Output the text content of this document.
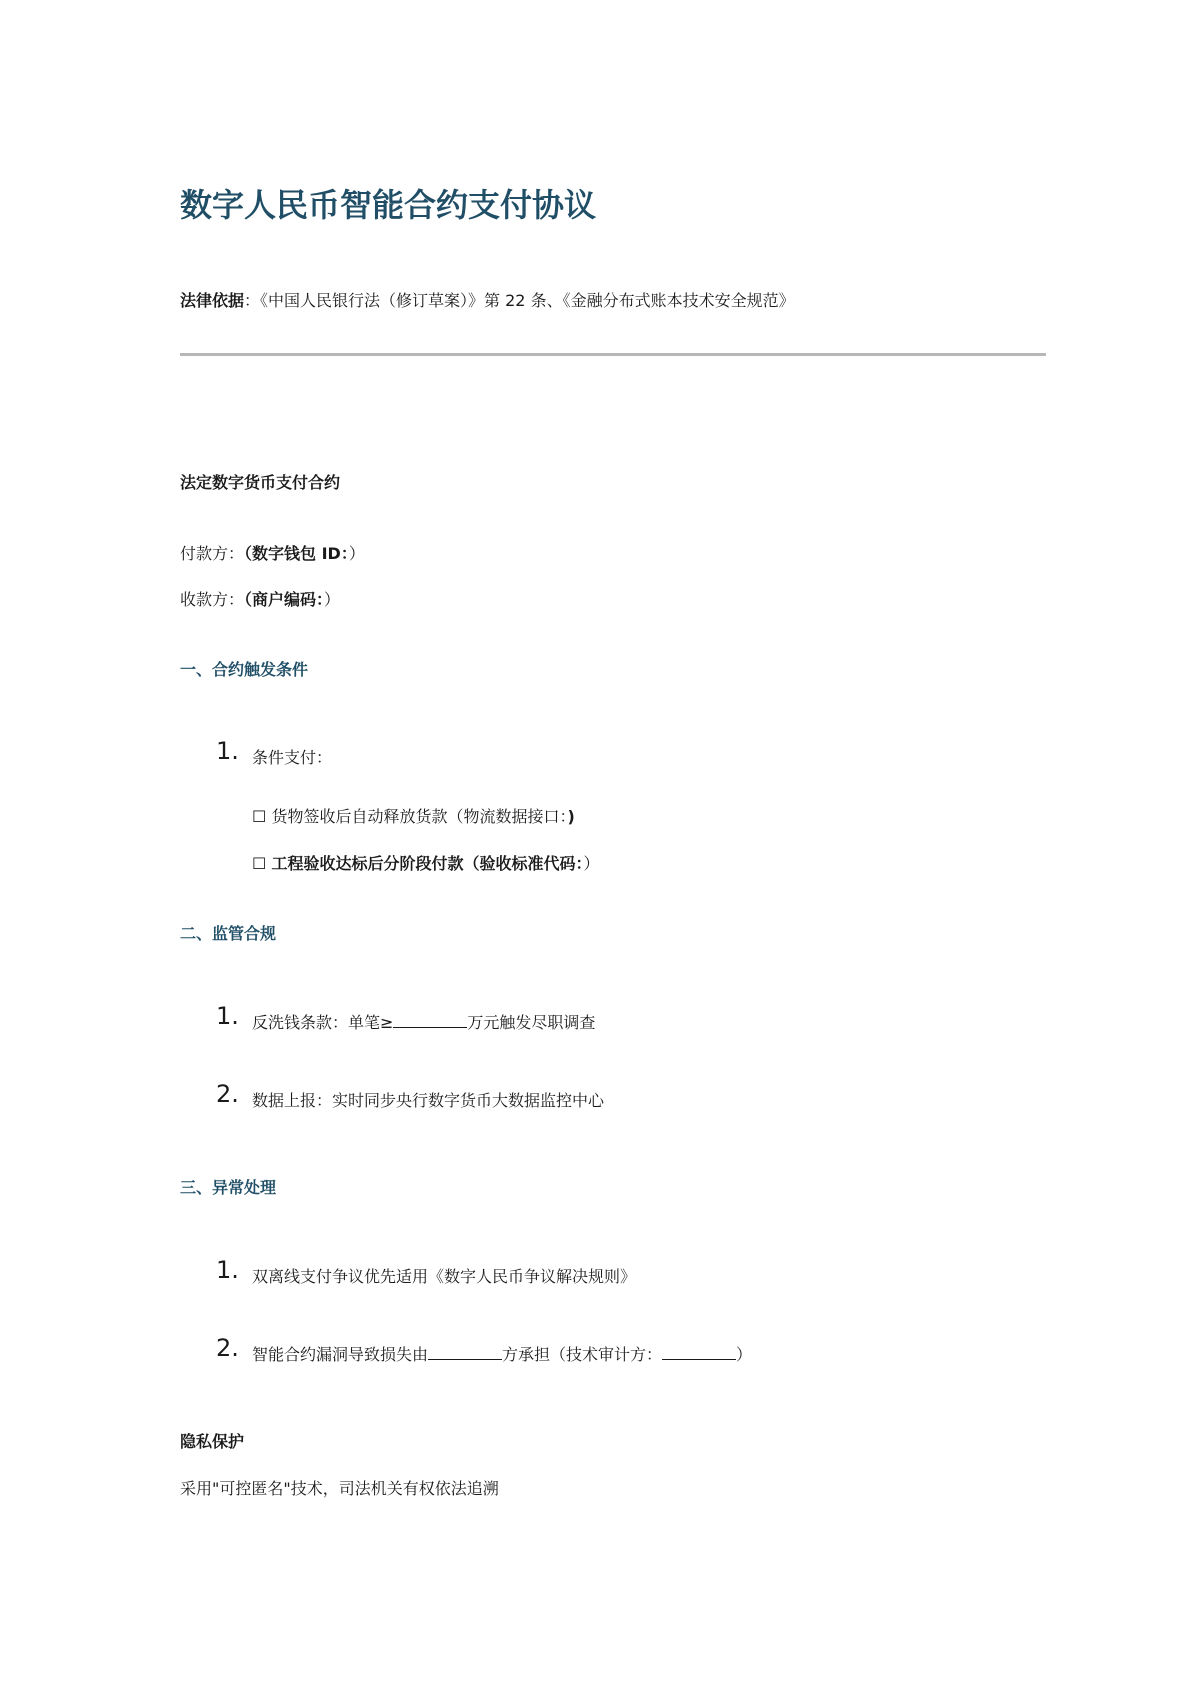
数字人民币智能合约支付协议
法律依据：《中国人民银行法（修订草案）》第 22 条、《金融分布式账本技术安全规范》
法定数字货币支付合约
付款方：（数字钱包 ID：）
收款方：（商户编码：）
一、合约触发条件
1. 条件支付：
☐ 货物签收后自动释放货款（物流数据接口：)
☐ 工程验收达标后分阶段付款（验收标准代码：）
二、监管合规
1. 反洗钱条款：单笔≥	万元触发尽职调查
2. 数据上报：实时同步央行数字货币大数据监控中心
三、异常处理
1. 双离线支付争议优先适用《数字人民币争议解决规则》
2. 智能合约漏洞导致损失由	方承担（技术审计方：	）
隐私保护
采用"可控匿名"技术，司法机关有权依法追溯
